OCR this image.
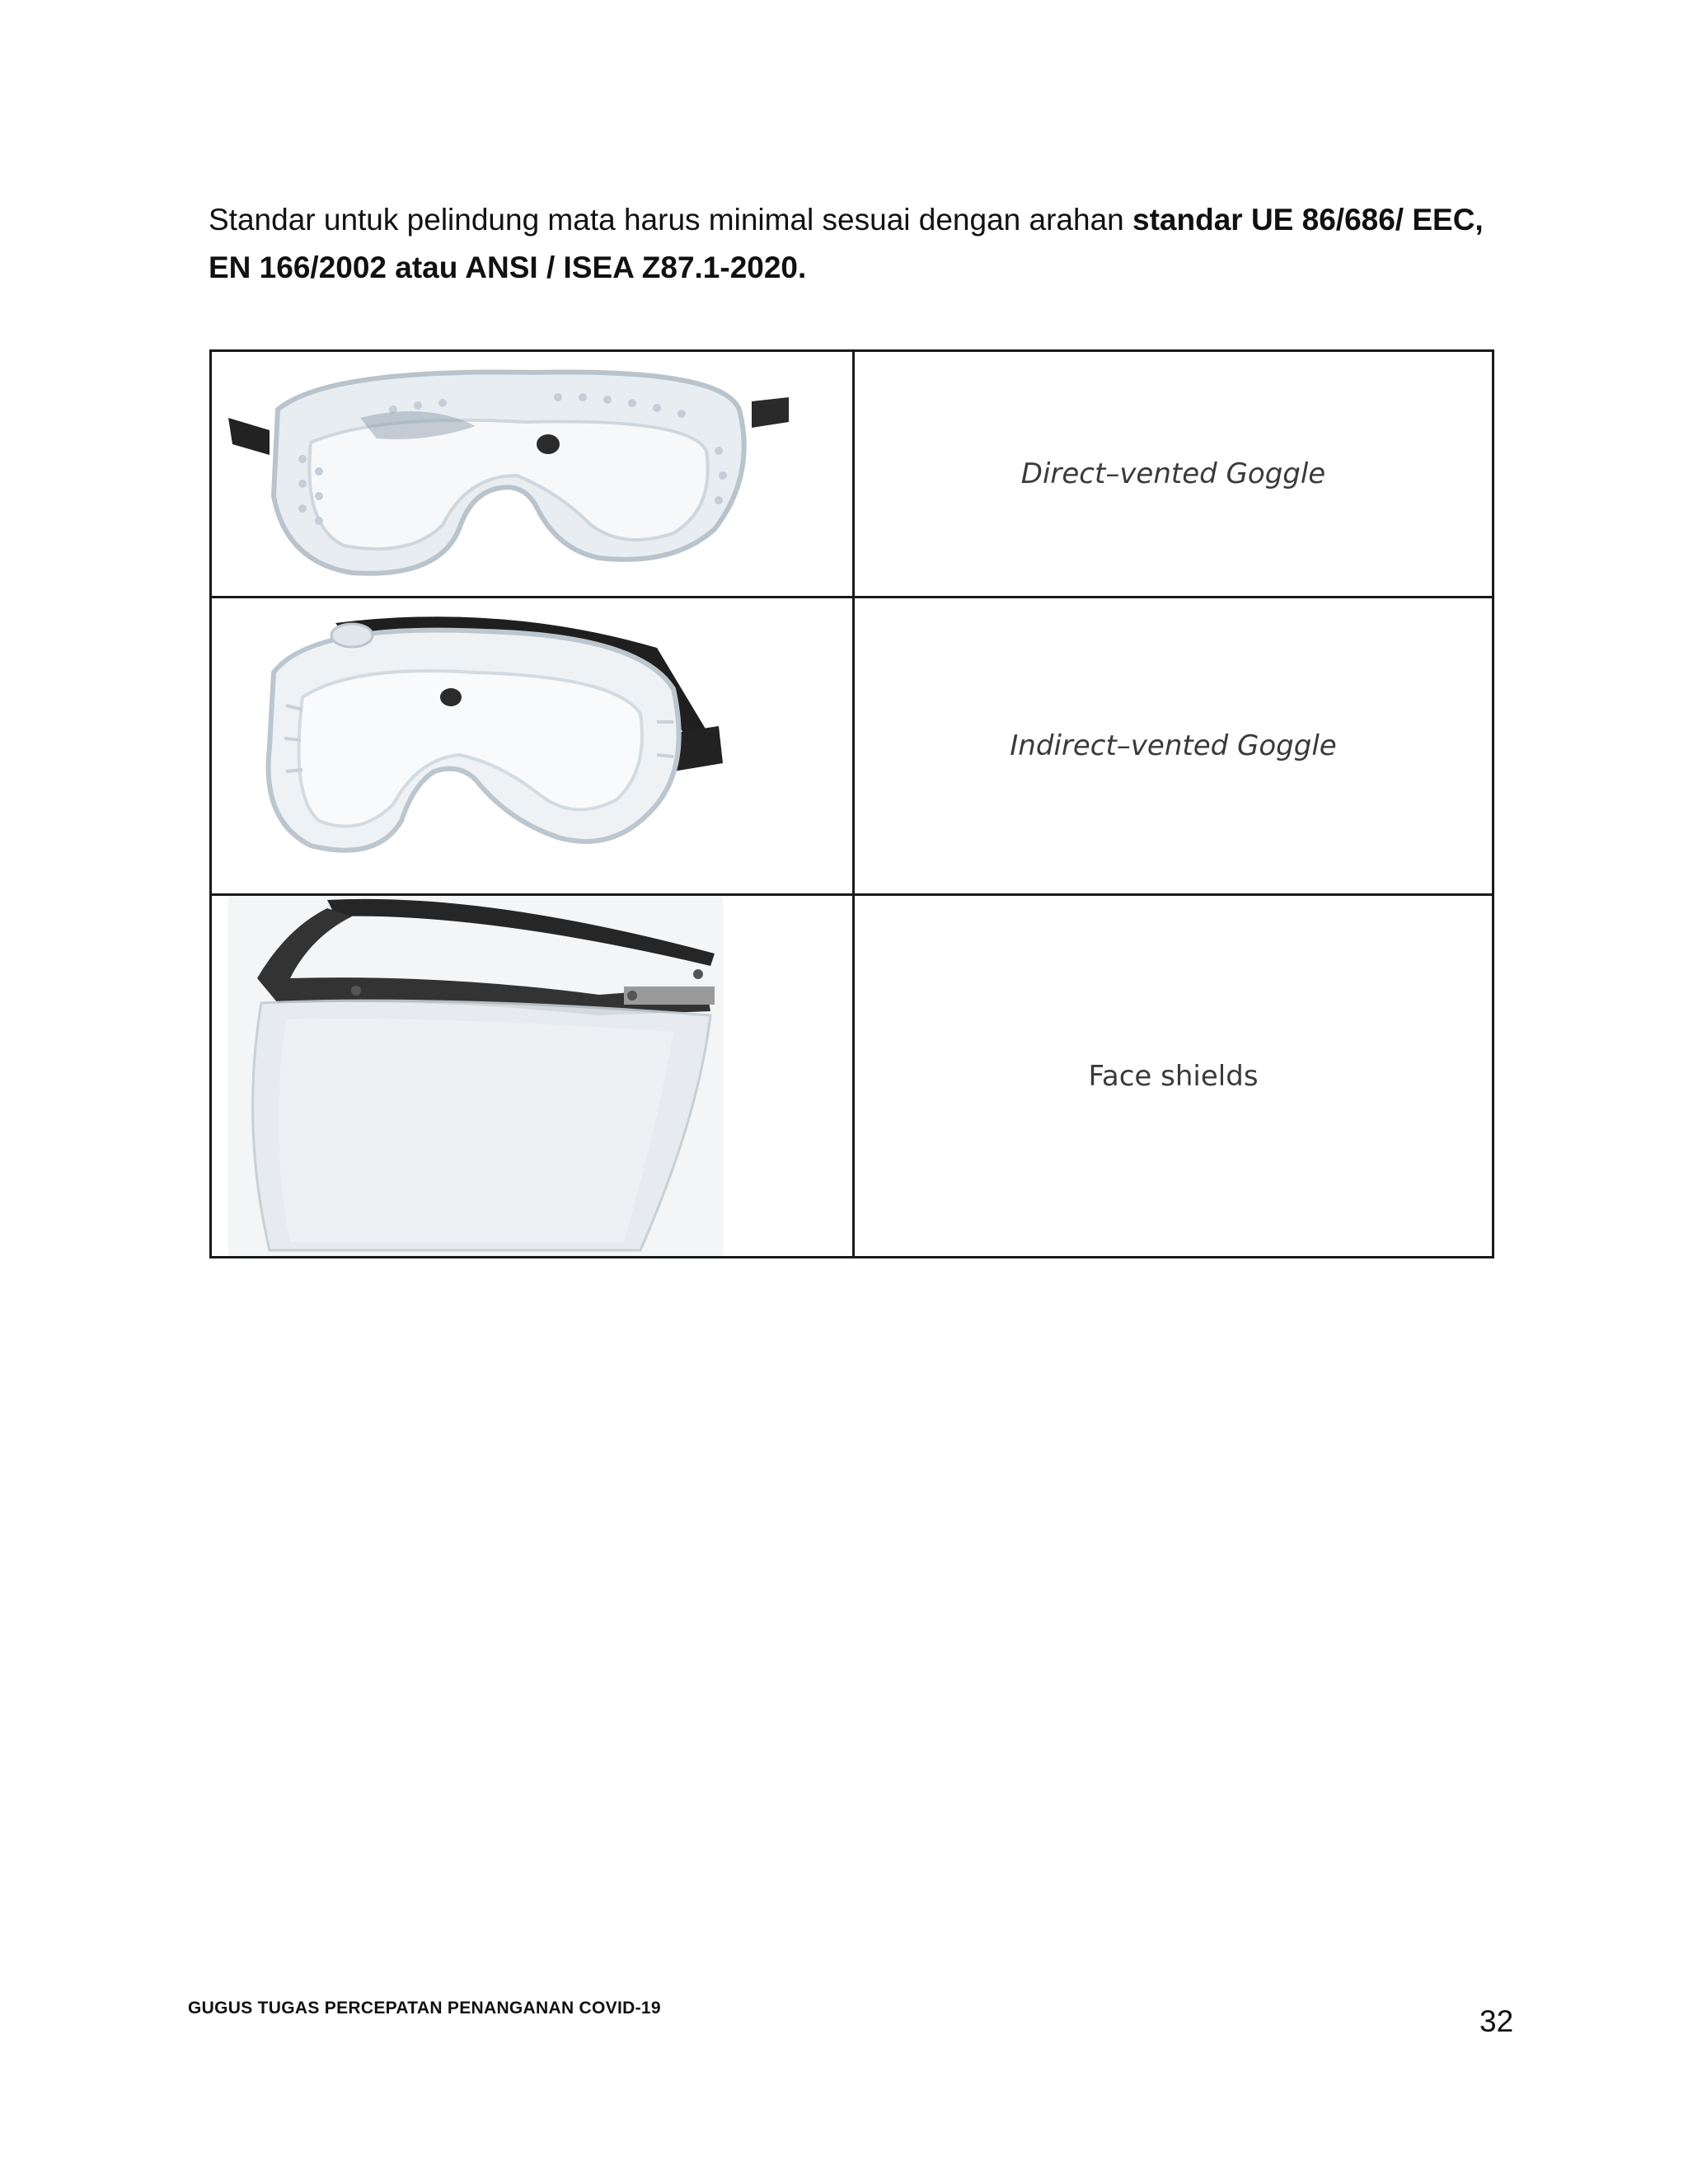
Standar untuk pelindung mata harus minimal sesuai dengan arahan standar UE 86/686/ EEC, EN 166/2002 atau ANSI / ISEA Z87.1-2020.

	Direct–vented Goggle

	Indirect–vented Goggle

	Face shields
GUGUS TUGAS PERCEPATAN PENANGANAN COVID-19	32
